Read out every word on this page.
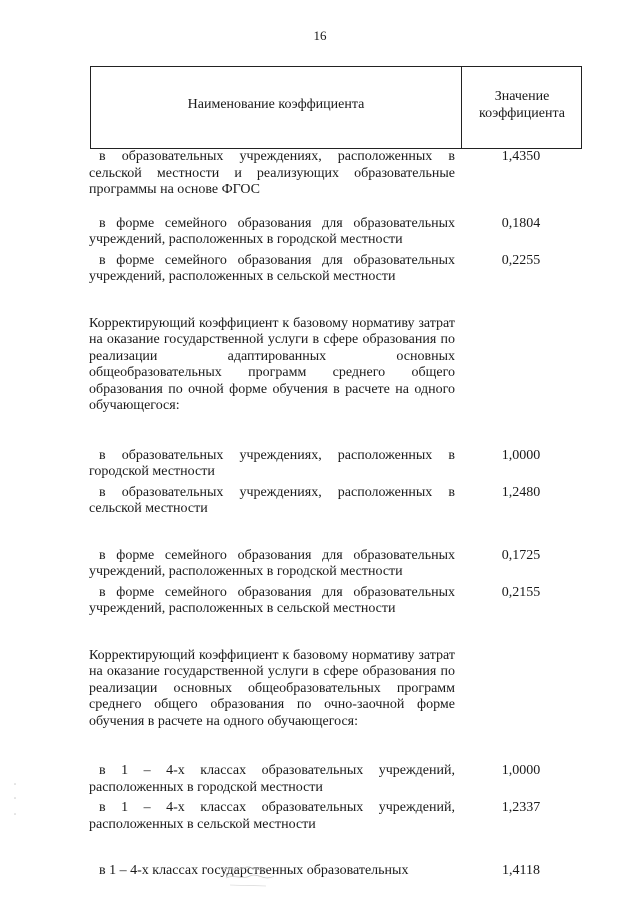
16
Наименование коэффициента
Значение
коэффициента
в образовательных учреждениях, расположенных в сельской местности и реализующих образовательные программы на основе ФГОС
1,4350
в форме семейного образования для образовательных учреждений, расположенных в городской местности
0,1804
в форме семейного образования для образовательных учреждений, расположенных в сельской местности
0,2255
Корректирующий коэффициент к базовому нормативу затрат на оказание государственной услуги в сфере образования по реализации адаптированных основных общеобразовательных программ среднего общего образования по очной форме обучения в расчете на одного обучающегося:
в образовательных учреждениях, расположенных в городской местности
1,0000
в образовательных учреждениях, расположенных в сельской местности
1,2480
в форме семейного образования для образовательных учреждений, расположенных в городской местности
0,1725
в форме семейного образования для образовательных учреждений, расположенных в сельской местности
0,2155
Корректирующий коэффициент к базовому нормативу затрат на оказание государственной услуги в сфере образования по реализации основных общеобразовательных программ среднего общего образования по очно-заочной форме обучения в расчете на одного обучающегося:
в 1 – 4-х классах образовательных учреждений, расположенных в городской местности
1,0000
в 1 – 4-х классах образовательных учреждений, расположенных в сельской местности
1,2337
в 1 – 4-х классах государственных образовательных	1,4118
